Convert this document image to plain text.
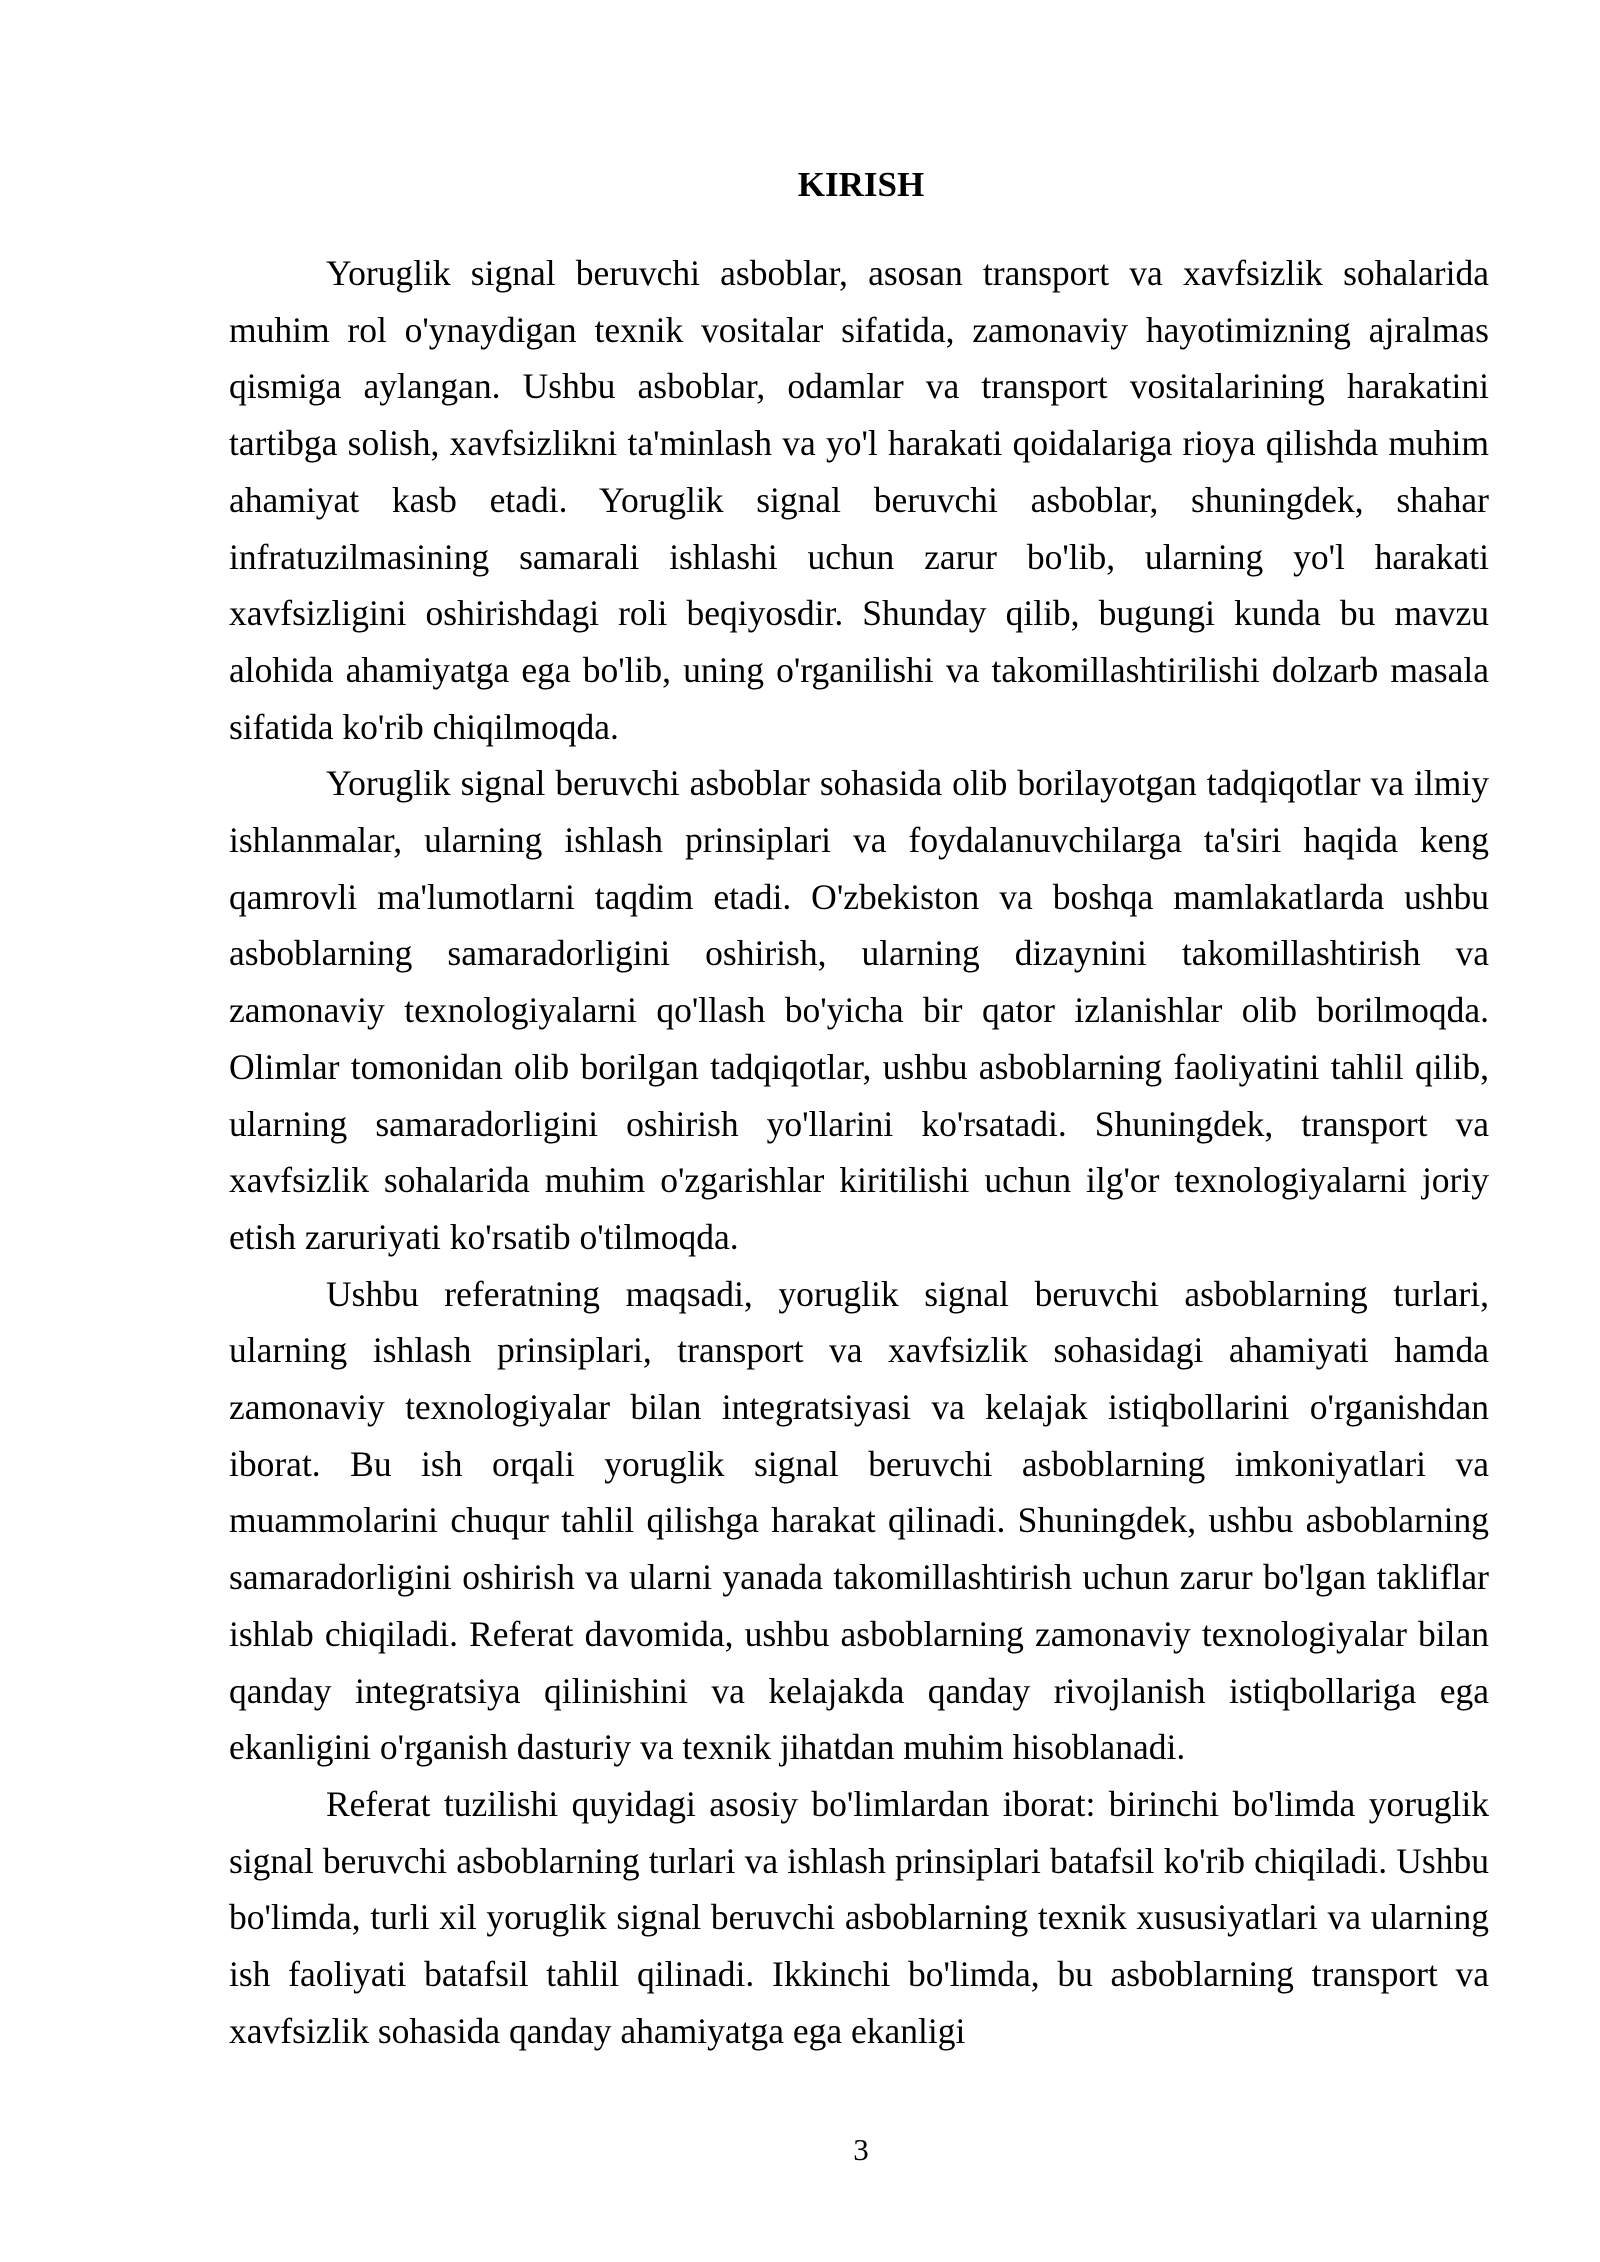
KIRISH

Yoruglik signal beruvchi asboblar, asosan transport va xavfsizlik sohalarida muhim rol o'ynaydigan texnik vositalar sifatida, zamonaviy hayotimizning ajralmas qismiga aylangan. Ushbu asboblar, odamlar va transport vositalarining harakatini tartibga solish, xavfsizlikni ta'minlash va yo'l harakati qoidalariga rioya qilishda muhim ahamiyat kasb etadi. Yoruglik signal beruvchi asboblar, shuningdek, shahar infratuzilmasining samarali ishlashi uchun zarur bo'lib, ularning yo'l harakati xavfsizligini oshirishdagi roli beqiyosdir. Shunday qilib, bugungi kunda bu mavzu alohida ahamiyatga ega bo'lib, uning o'rganilishi va takomillashtirilishi dolzarb masala sifatida ko'rib chiqilmoqda.

Yoruglik signal beruvchi asboblar sohasida olib borilayotgan tadqiqotlar va ilmiy ishlanmalar, ularning ishlash prinsiplari va foydalanuvchilarga ta'siri haqida keng qamrovli ma'lumotlarni taqdim etadi. O'zbekiston va boshqa mamlakatlarda ushbu asboblarning samaradorligini oshirish, ularning dizaynini takomillashtirish va zamonaviy texnologiyalarni qo'llash bo'yicha bir qator izlanishlar olib borilmoqda. Olimlar tomonidan olib borilgan tadqiqotlar, ushbu asboblarning faoliyatini tahlil qilib, ularning samaradorligini oshirish yo'llarini ko'rsatadi. Shuningdek, transport va xavfsizlik sohalarida muhim o'zgarishlar kiritilishi uchun ilg'or texnologiyalarni joriy etish zaruriyati ko'rsatib o'tilmoqda.

Ushbu referatning maqsadi, yoruglik signal beruvchi asboblarning turlari, ularning ishlash prinsiplari, transport va xavfsizlik sohasidagi ahamiyati hamda zamonaviy texnologiyalar bilan integratsiyasi va kelajak istiqbollarini o'rganishdan iborat. Bu ish orqali yoruglik signal beruvchi asboblarning imkoniyatlari va muammolarini chuqur tahlil qilishga harakat qilinadi. Shuningdek, ushbu asboblarning samaradorligini oshirish va ularni yanada takomillashtirish uchun zarur bo'lgan takliflar ishlab chiqiladi. Referat davomida, ushbu asboblarning zamonaviy texnologiyalar bilan qanday integratsiya qilinishini va kelajakda qanday rivojlanish istiqbollariga ega ekanligini o'rganish dasturiy va texnik jihatdan muhim hisoblanadi.

Referat tuzilishi quyidagi asosiy bo'limlardan iborat: birinchi bo'limda yoruglik signal beruvchi asboblarning turlari va ishlash prinsiplari batafsil ko'rib chiqiladi. Ushbu bo'limda, turli xil yoruglik signal beruvchi asboblarning texnik xususiyatlari va ularning ish faoliyati batafsil tahlil qilinadi. Ikkinchi bo'limda, bu asboblarning transport va xavfsizlik sohasida qanday ahamiyatga ega ekanligi

3
